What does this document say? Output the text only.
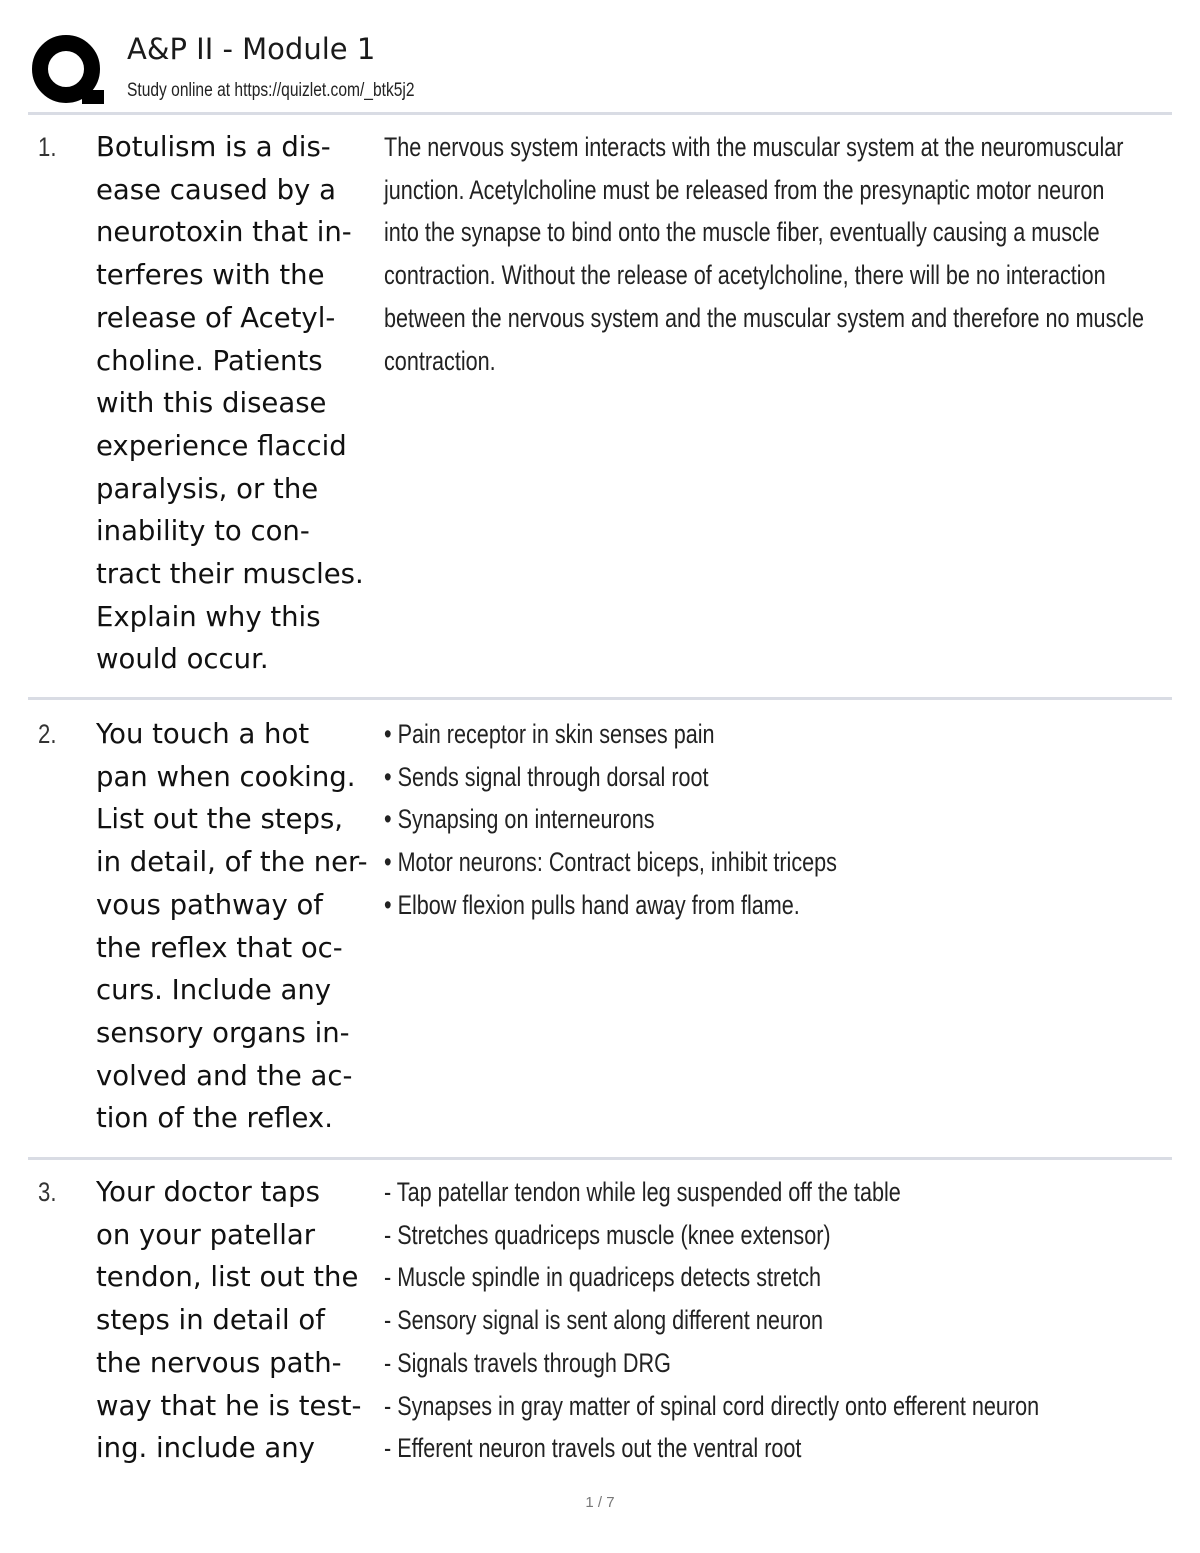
A&P II - Module 1
Study online at https://quizlet.com/_btk5j2
1. Botulism is a dis-
ease caused by a
neurotoxin that in-
terferes with the
release of Acetyl-
choline. Patients
with this disease
experience flaccid
paralysis, or the
inability to con-
tract their muscles.
Explain why this
would occur.
The nervous system interacts with the muscular system at the neuromuscular
junction. Acetylcholine must be released from the presynaptic motor neuron
into the synapse to bind onto the muscle fiber, eventually causing a muscle
contraction. Without the release of acetylcholine, there will be no interaction
between the nervous system and the muscular system and therefore no muscle
contraction.
2. You touch a hot
pan when cooking.
List out the steps,
in detail, of the ner-
vous pathway of
the reflex that oc-
curs. Include any
sensory organs in-
volved and the ac-
tion of the reflex.
• Pain receptor in skin senses pain
• Sends signal through dorsal root
• Synapsing on interneurons
• Motor neurons: Contract biceps, inhibit triceps
• Elbow flexion pulls hand away from flame.
3. Your doctor taps
on your patellar
tendon, list out the
steps in detail of
the nervous path-
way that he is test-
ing. include any
- Tap patellar tendon while leg suspended off the table
- Stretches quadriceps muscle (knee extensor)
- Muscle spindle in quadriceps detects stretch
- Sensory signal is sent along different neuron
- Signals travels through DRG
- Synapses in gray matter of spinal cord directly onto efferent neuron
- Efferent neuron travels out the ventral root
1 / 7
